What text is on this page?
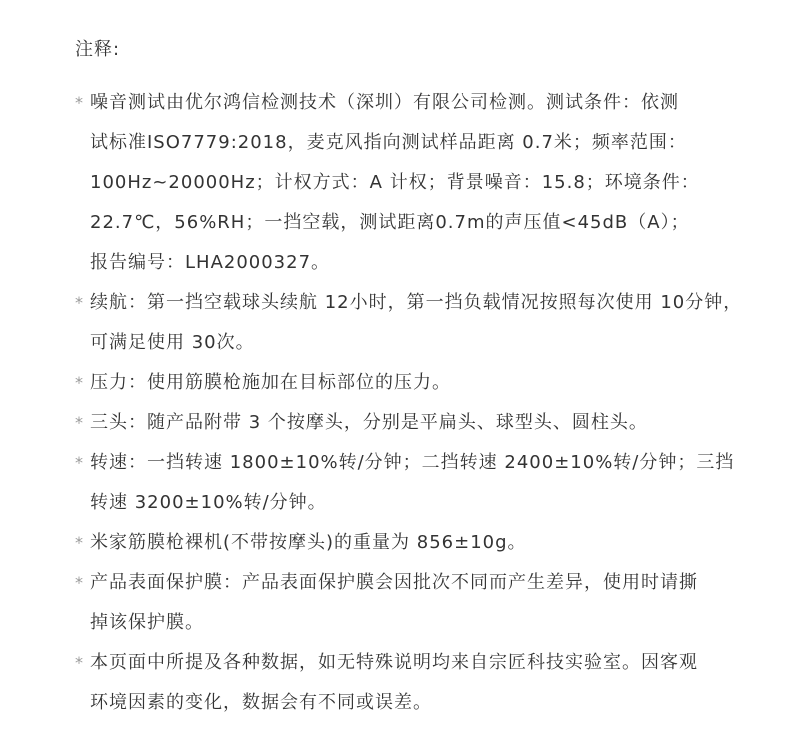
注释:
* 噪音测试由优尔鸿信检测技术（深圳）有限公司检测。测试条件：依测
试标准ISO7779:2018，麦克风指向测试样品距离 0.7米；频率范围：
100Hz~20000Hz；计权方式：A 计权；背景噪音：15.8；环境条件：
22.7℃，56%RH；一挡空载，测试距离0.7m的声压值<45dB（A）；
报告编号：LHA2000327。
* 续航：第一挡空载球头续航 12小时，第一挡负载情况按照每次使用 10分钟，
可满足使用 30次。
* 压力：使用筋膜枪施加在目标部位的压力。
* 三头：随产品附带 3 个按摩头，分别是平扁头、球型头、圆柱头。
* 转速：一挡转速 1800±10%转/分钟；二挡转速 2400±10%转/分钟；三挡
转速 3200±10%转/分钟。
* 米家筋膜枪裸机(不带按摩头)的重量为 856±10g。
* 产品表面保护膜：产品表面保护膜会因批次不同而产生差异，使用时请撕
掉该保护膜。
* 本页面中所提及各种数据，如无特殊说明均来自宗匠科技实验室。因客观
环境因素的变化，数据会有不同或误差。
